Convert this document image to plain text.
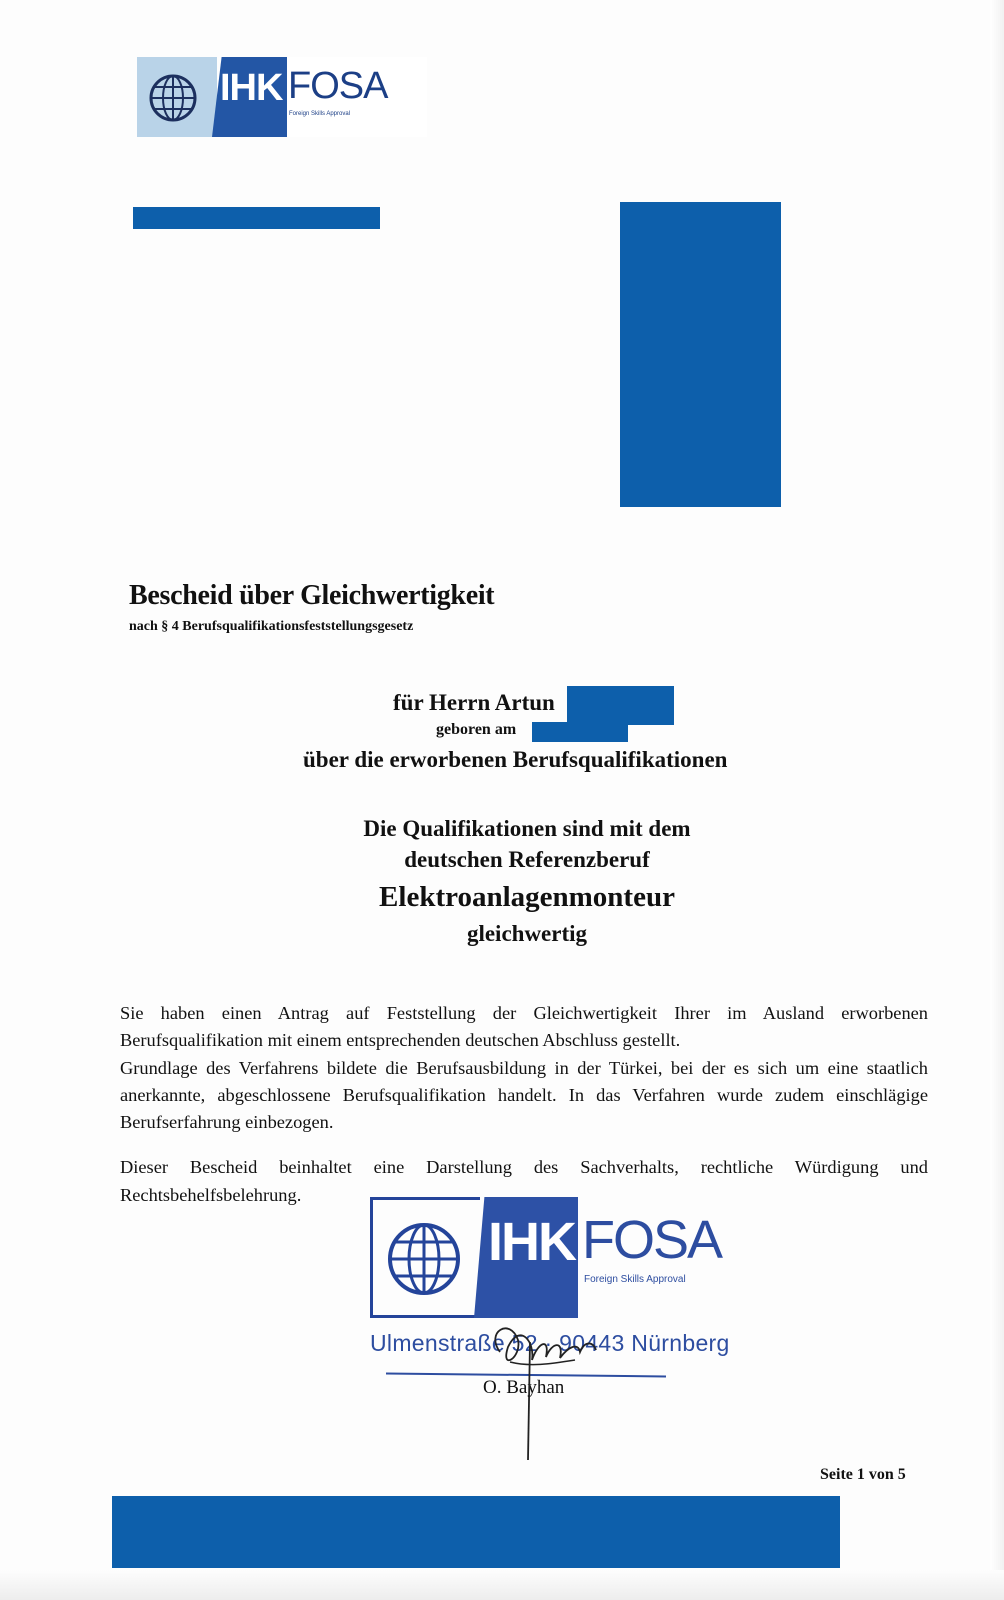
IHK FOSA
Foreign Skills Approval
Bescheid über Gleichwertigkeit
nach § 4 Berufsqualifikationsfeststellungsgesetz
für Herrn Artun
geboren am
über die erworbenen Berufsqualifikationen
Die Qualifikationen sind mit dem
deutschen Referenzberuf
Elektroanlagenmonteur
gleichwertig

Sie haben einen Antrag auf Feststellung der Gleichwertigkeit Ihrer im Ausland erworbenen Berufsqualifikation mit einem entsprechenden deutschen Abschluss gestellt.

Grundlage des Verfahrens bildete die Berufsausbildung in der Türkei, bei der es sich um eine staatlich anerkannte, abgeschlossene Berufsqualifikation handelt. In das Verfahren wurde zudem einschlägige Berufserfahrung einbezogen.

Dieser Bescheid beinhaltet eine Darstellung des Sachverhalts, rechtliche Würdigung und Rechtsbehelfsbelehrung.

IHK FOSA
Foreign Skills Approval
Ulmenstraße 52 · 90443 Nürnberg
O. Bayhan
Seite 1 von 5
